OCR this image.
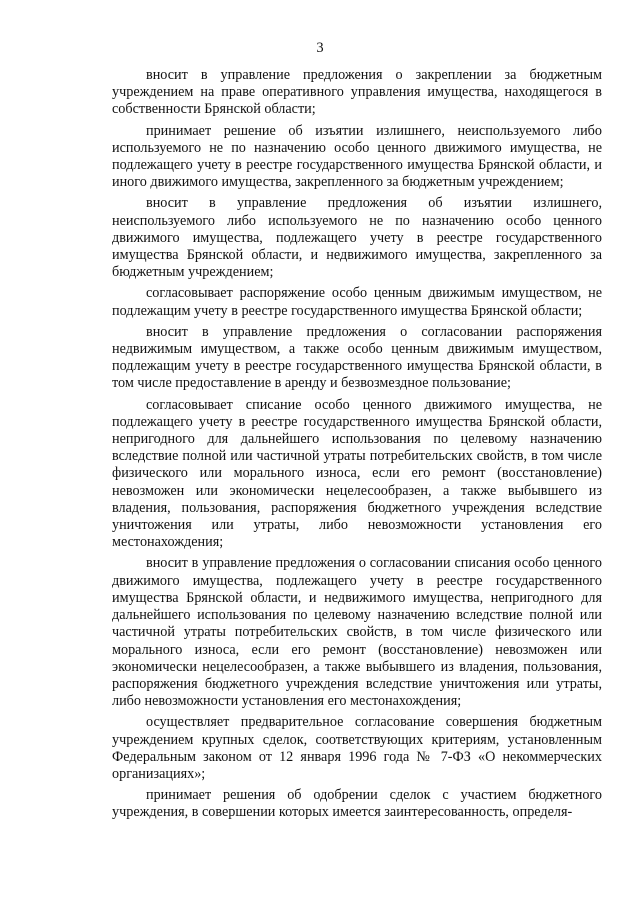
3

вносит в управление предложения о закреплении за бюджетным учреждением на праве оперативного управления имущества, находящегося в собственности Брянской области;

принимает решение об изъятии излишнего, неиспользуемого либо используемого не по назначению особо ценного движимого имущества, не подлежащего учету в реестре государственного имущества Брянской области, и иного движимого имущества, закрепленного за бюджетным учреждением;

вносит в управление предложения об изъятии излишнего, неиспользуемого либо используемого не по назначению особо ценного движимого имущества, подлежащего учету в реестре государственного имущества Брянской области, и недвижимого имущества, закрепленного за бюджетным учреждением;

согласовывает распоряжение особо ценным движимым имуществом, не подлежащим учету в реестре государственного имущества Брянской области;

вносит в управление предложения о согласовании распоряжения недвижимым имуществом, а также особо ценным движимым имуществом, подлежащим учету в реестре государственного имущества Брянской области, в том числе предоставление в аренду и безвозмездное пользование;

согласовывает списание особо ценного движимого имущества, не подлежащего учету в реестре государственного имущества Брянской области, непригодного для дальнейшего использования по целевому назначению вследствие полной или частичной утраты потребительских свойств, в том числе физического или морального износа, если его ремонт (восстановление) невозможен или экономически нецелесообразен, а также выбывшего из владения, пользования, распоряжения бюджетного учреждения вследствие уничтожения или утраты, либо невозможности установления его местонахождения;

вносит в управление предложения о согласовании списания особо ценного движимого имущества, подлежащего учету в реестре государственного имущества Брянской области, и недвижимого имущества, непригодного для дальнейшего использования по целевому назначению вследствие полной или частичной утраты потребительских свойств, в том числе физического или морального износа, если его ремонт (восстановление) невозможен или экономически нецелесообразен, а также выбывшего из владения, пользования, распоряжения бюджетного учреждения вследствие уничтожения или утраты, либо невозможности установления его местонахождения;

осуществляет предварительное согласование совершения бюджетным учреждением крупных сделок, соответствующих критериям, установленным Федеральным законом от 12 января 1996 года № 7-ФЗ «О некоммерческих организациях»;

принимает решения об одобрении сделок с участием бюджетного учреждения, в совершении которых имеется заинтересованность, определя-
